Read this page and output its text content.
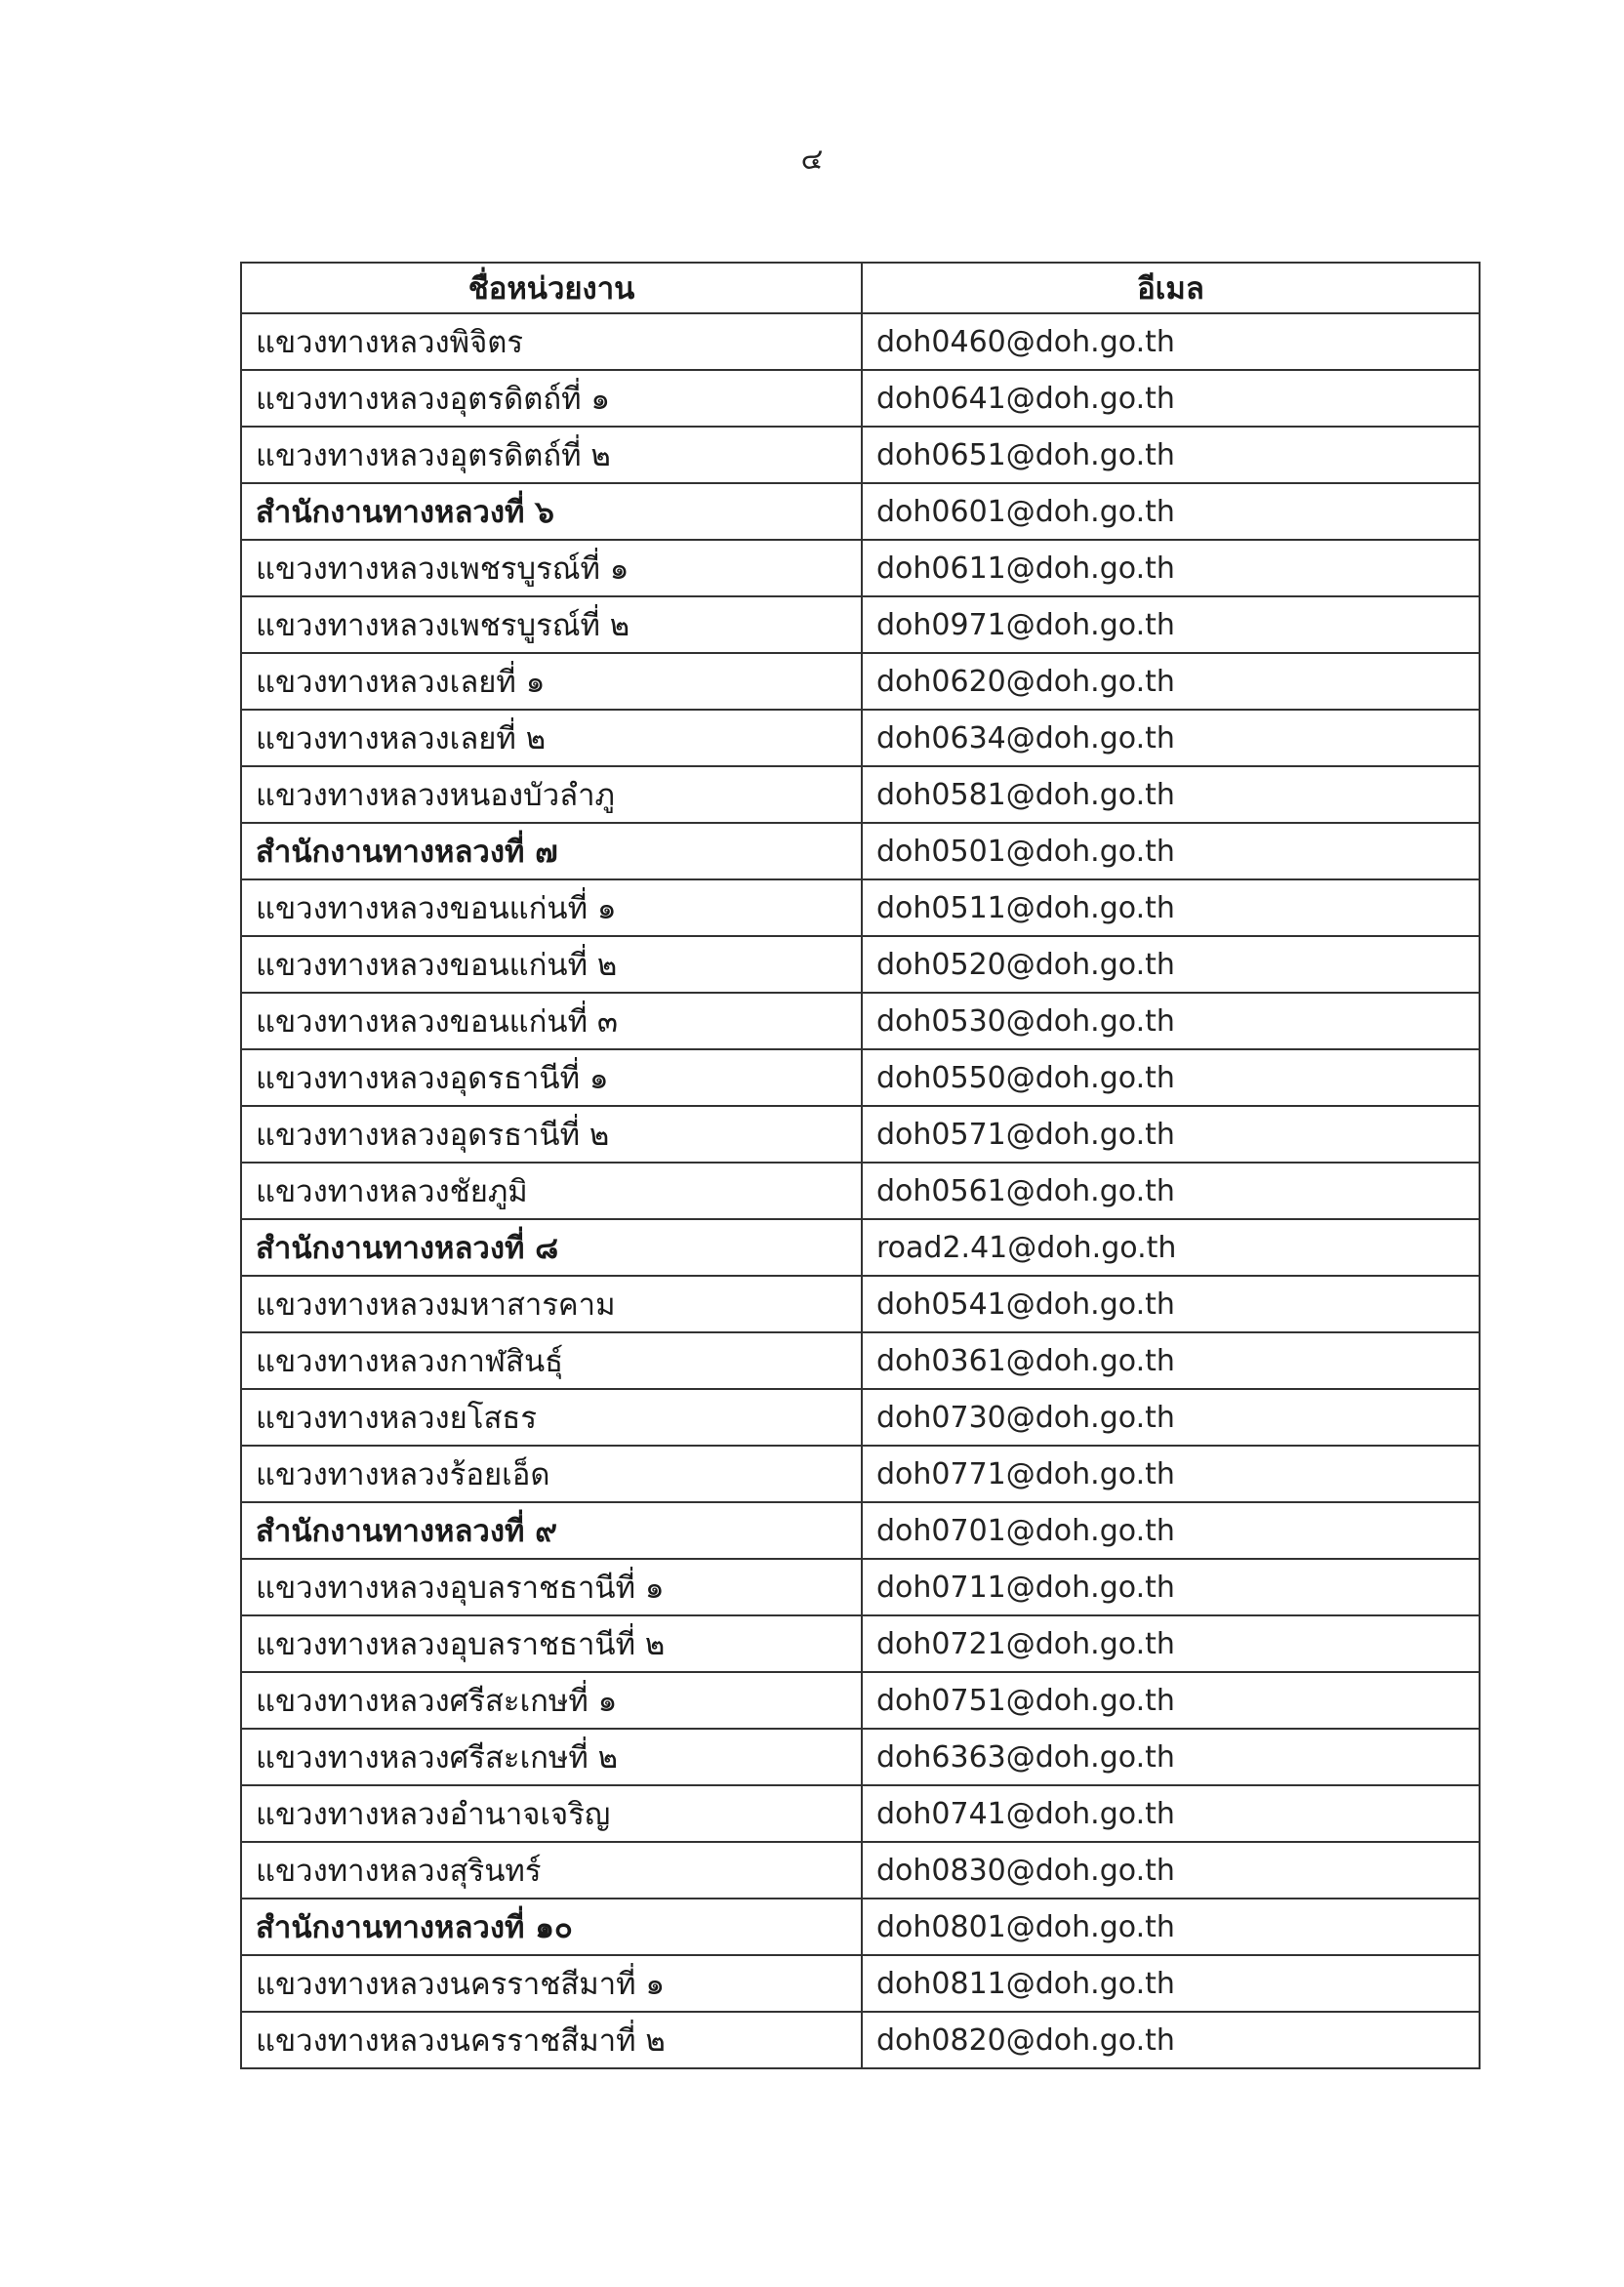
๔
ชื่อหน่วยงาน	อีเมล
แขวงทางหลวงพิจิตร	doh0460@doh.go.th
แขวงทางหลวงอุตรดิตถ์ที่ ๑	doh0641@doh.go.th
แขวงทางหลวงอุตรดิตถ์ที่ ๒	doh0651@doh.go.th
สำนักงานทางหลวงที่ ๖	doh0601@doh.go.th
แขวงทางหลวงเพชรบูรณ์ที่ ๑	doh0611@doh.go.th
แขวงทางหลวงเพชรบูรณ์ที่ ๒	doh0971@doh.go.th
แขวงทางหลวงเลยที่ ๑	doh0620@doh.go.th
แขวงทางหลวงเลยที่ ๒	doh0634@doh.go.th
แขวงทางหลวงหนองบัวลำภู	doh0581@doh.go.th
สำนักงานทางหลวงที่ ๗	doh0501@doh.go.th
แขวงทางหลวงขอนแก่นที่ ๑	doh0511@doh.go.th
แขวงทางหลวงขอนแก่นที่ ๒	doh0520@doh.go.th
แขวงทางหลวงขอนแก่นที่ ๓	doh0530@doh.go.th
แขวงทางหลวงอุดรธานีที่ ๑	doh0550@doh.go.th
แขวงทางหลวงอุดรธานีที่ ๒	doh0571@doh.go.th
แขวงทางหลวงชัยภูมิ	doh0561@doh.go.th
สำนักงานทางหลวงที่ ๘	road2.41@doh.go.th
แขวงทางหลวงมหาสารคาม	doh0541@doh.go.th
แขวงทางหลวงกาฬสินธุ์	doh0361@doh.go.th
แขวงทางหลวงยโสธร	doh0730@doh.go.th
แขวงทางหลวงร้อยเอ็ด	doh0771@doh.go.th
สำนักงานทางหลวงที่ ๙	doh0701@doh.go.th
แขวงทางหลวงอุบลราชธานีที่ ๑	doh0711@doh.go.th
แขวงทางหลวงอุบลราชธานีที่ ๒	doh0721@doh.go.th
แขวงทางหลวงศรีสะเกษที่ ๑	doh0751@doh.go.th
แขวงทางหลวงศรีสะเกษที่ ๒	doh6363@doh.go.th
แขวงทางหลวงอำนาจเจริญ	doh0741@doh.go.th
แขวงทางหลวงสุรินทร์	doh0830@doh.go.th
สำนักงานทางหลวงที่ ๑๐	doh0801@doh.go.th
แขวงทางหลวงนครราชสีมาที่ ๑	doh0811@doh.go.th
แขวงทางหลวงนครราชสีมาที่ ๒	doh0820@doh.go.th
